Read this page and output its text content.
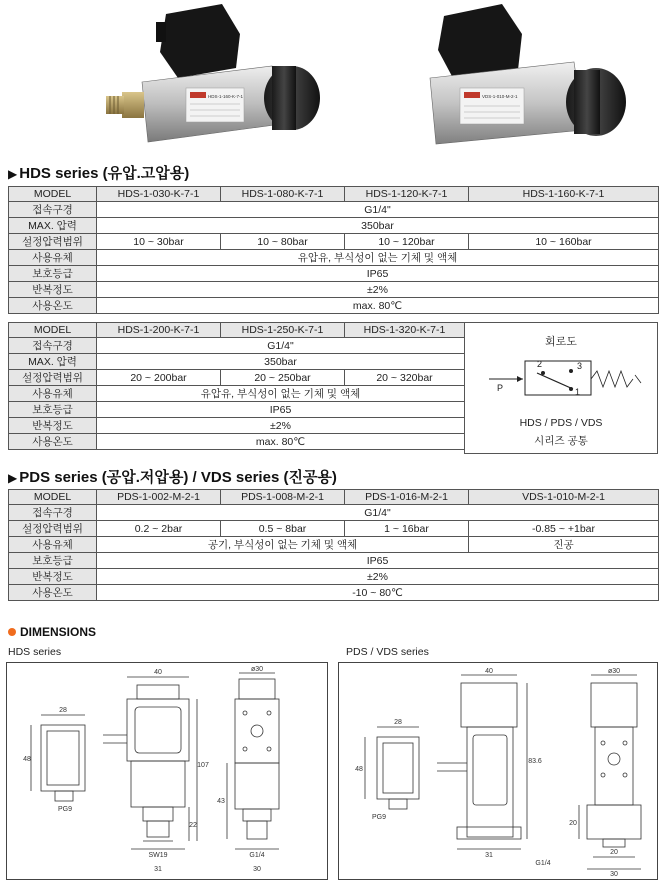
HDS-1-160-K-7-1	VDS-1-010-M-2-1
▶ HDS series (유압.고압용)
MODEL	HDS-1-030-K-7-1	HDS-1-080-K-7-1	HDS-1-120-K-7-1	HDS-1-160-K-7-1
접속구경	G1/4"			
MAX. 압력	350bar			
설정압력범위	10 ~ 30bar	10 ~ 80bar	10 ~ 120bar	10 ~ 160bar
사용유체	유압유, 부식성이 없는 기체 및 액체			
보호등급	IP65			
반복정도	±2%			
사용온도	max. 80℃			
MODEL	HDS-1-200-K-7-1	HDS-1-250-K-7-1	HDS-1-320-K-7-1
접속구경	G1/4"		
MAX. 압력	350bar		
설정압력범위	20 ~ 200bar	20 ~ 250bar	20 ~ 320bar
사용유체	유압유, 부식성이 없는 기체 및 액체		
보호등급	IP65		
반복정도	±2%		
사용온도	max. 80℃		
회로도
P
2	3
1
HDS / PDS / VDS
시리즈 공통
▶ PDS series (공압.저압용) / VDS series (진공용)
MODEL	PDS-1-002-M-2-1	PDS-1-008-M-2-1	PDS-1-016-M-2-1	VDS-1-010-M-2-1
접속구경	G1/4"			
설정압력범위	0.2 ~ 2bar	0.5 ~ 8bar	1 ~ 16bar	-0.85 ~ +1bar
사용유체	공기, 부식성이 없는 기체 및 액체			진공
보호등급	IP65			
반복정도	±2%			
사용온도	-10 ~ 80℃			
DIMENSIONS
HDS series	PDS / VDS series
28
48
PG9
40
107
22
SW19
31
ø30
43
G1/4
30
28
48
PG9
40
83.6
31
G1/4
ø30
20
20
30
